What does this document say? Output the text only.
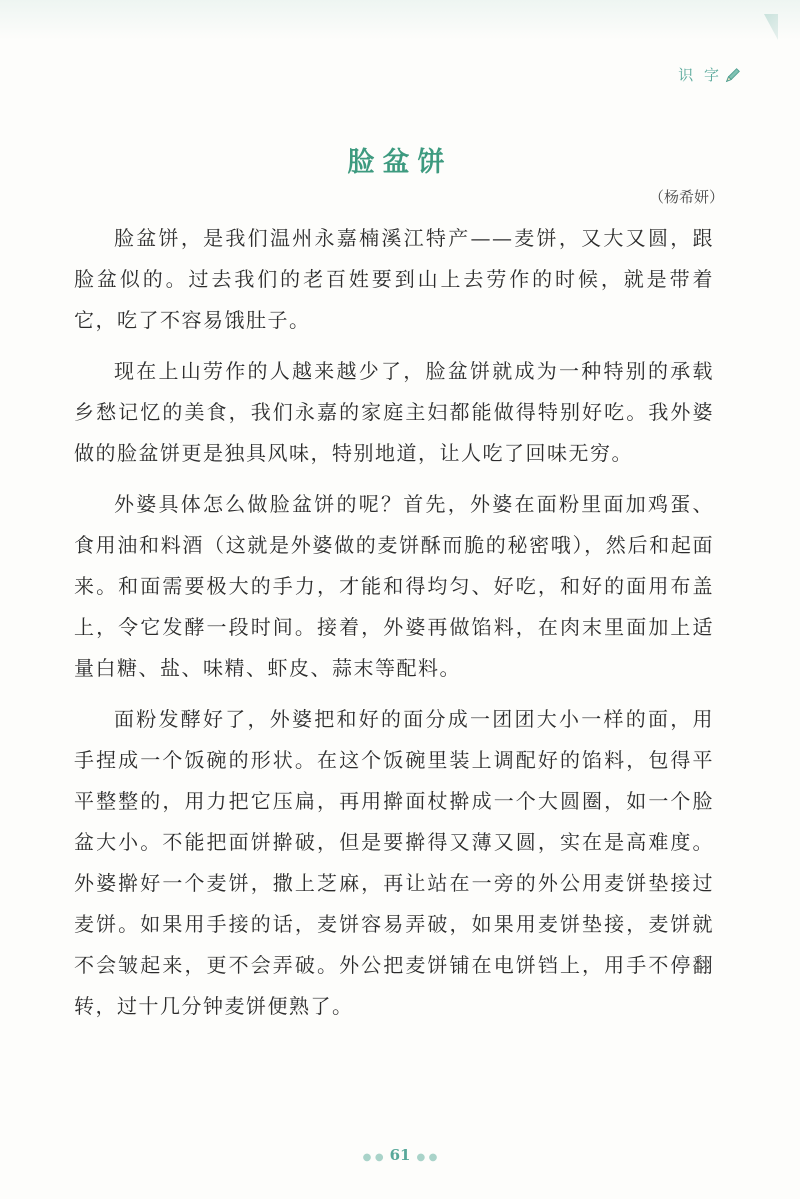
识 字
脸盆饼
（杨希妍）

脸盆饼，是我们温州永嘉楠溪江特产——麦饼，又大又圆，跟脸盆似的。过去我们的老百姓要到山上去劳作的时候，就是带着它，吃了不容易饿肚子。

现在上山劳作的人越来越少了，脸盆饼就成为一种特别的承载乡愁记忆的美食，我们永嘉的家庭主妇都能做得特别好吃。我外婆做的脸盆饼更是独具风味，特别地道，让人吃了回味无穷。

外婆具体怎么做脸盆饼的呢？首先，外婆在面粉里面加鸡蛋、食用油和料酒（这就是外婆做的麦饼酥而脆的秘密哦），然后和起面来。和面需要极大的手力，才能和得均匀、好吃，和好的面用布盖上，令它发酵一段时间。接着，外婆再做馅料，在肉末里面加上适量白糖、盐、味精、虾皮、蒜末等配料。

面粉发酵好了，外婆把和好的面分成一团团大小一样的面，用手捏成一个饭碗的形状。在这个饭碗里装上调配好的馅料，包得平平整整的，用力把它压扁，再用擀面杖擀成一个大圆圈，如一个脸盆大小。不能把面饼擀破，但是要擀得又薄又圆，实在是高难度。外婆擀好一个麦饼，撒上芝麻，再让站在一旁的外公用麦饼垫接过麦饼。如果用手接的话，麦饼容易弄破，如果用麦饼垫接，麦饼就不会皱起来，更不会弄破。外公把麦饼铺在电饼铛上，用手不停翻转，过十几分钟麦饼便熟了。

● ● 61 ● ●
